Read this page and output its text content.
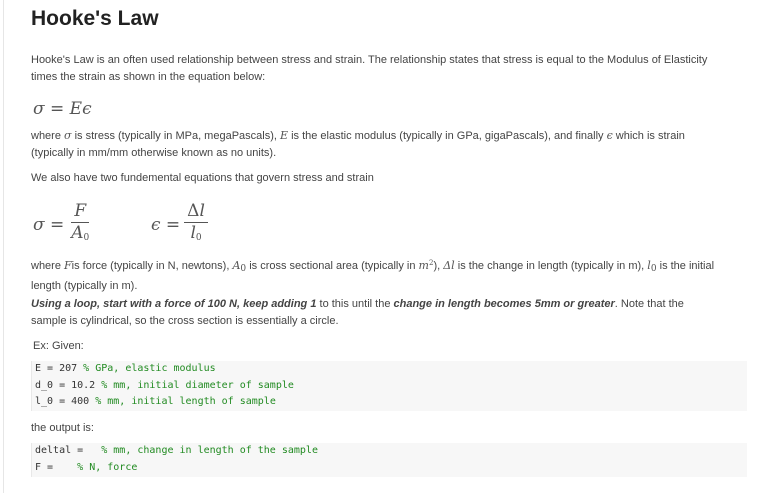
Hooke's Law
Hooke's Law is an often used relationship between stress and strain. The relationship states that stress is equal to the Modulus of Elasticity times the strain as shown in the equation below:
σ = Eϵ
where σ is stress (typically in MPa, megaPascals), E is the elastic modulus (typically in GPa, gigaPascals), and finally ϵ which is strain (typically in mm/mm otherwise known as no units).
We also have two fundemental equations that govern stress and strain
$\sigma = \frac{F}{A_0}$	$\epsilon = \frac{\Delta l}{l_0}$
where Fis force (typically in N, newtons), $A_0$ is cross sectional area (typically in $m^2$), Δl is the change in length (typically in m), $l_0$ is the initial length (typically in m).
Using a loop, start with a force of 100 N, keep adding 1 to this until the change in length becomes 5mm or greater. Note that the sample is cylindrical, so the cross section is essentially a circle.
Ex: Given:
E = 207 % GPa, elastic modulus
d_0 = 10.2 % mm, initial diameter of sample
l_0 = 400 % mm, initial length of sample
the output is:
deltal =   % mm, change in length of the sample
F =    % N, force
